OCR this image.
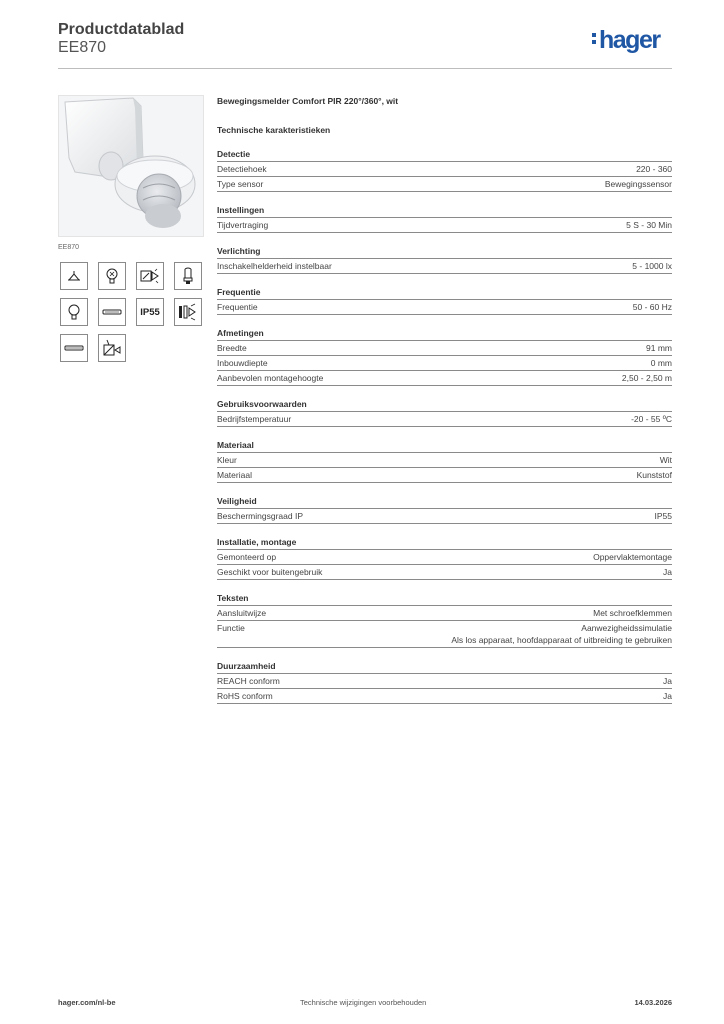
Productdatablad
EE870	hager
EE870
IP55
Bewegingsmelder Comfort PIR 220°/360°, wit
Technische karakteristieken
Detectie
Detectiehoek	220 - 360
Type sensor	Bewegingssensor
Instellingen
Tijdvertraging	5 S - 30 Min
Verlichting
Inschakelhelderheid instelbaar	5 - 1000 lx
Frequentie
Frequentie	50 - 60 Hz
Afmetingen
Breedte	91 mm
Inbouwdiepte	0 mm
Aanbevolen montagehoogte	2,50 - 2,50 m
Gebruiksvoorwaarden
Bedrijfstemperatuur	-20 - 55 ºC
Materiaal
Kleur	Wit
Materiaal	Kunststof
Veiligheid
Beschermingsgraad IP	IP55
Installatie, montage
Gemonteerd op	Oppervlaktemontage
Geschikt voor buitengebruik	Ja
Teksten
Aansluitwijze	Met schroefklemmen
Functie	Aanwezigheidssimulatie
Als los apparaat, hoofdapparaat of uitbreiding te gebruiken
Duurzaamheid
REACH conform	Ja
RoHS conform	Ja
hager.com/nl-be	Technische wijzigingen voorbehouden	14.03.2026
